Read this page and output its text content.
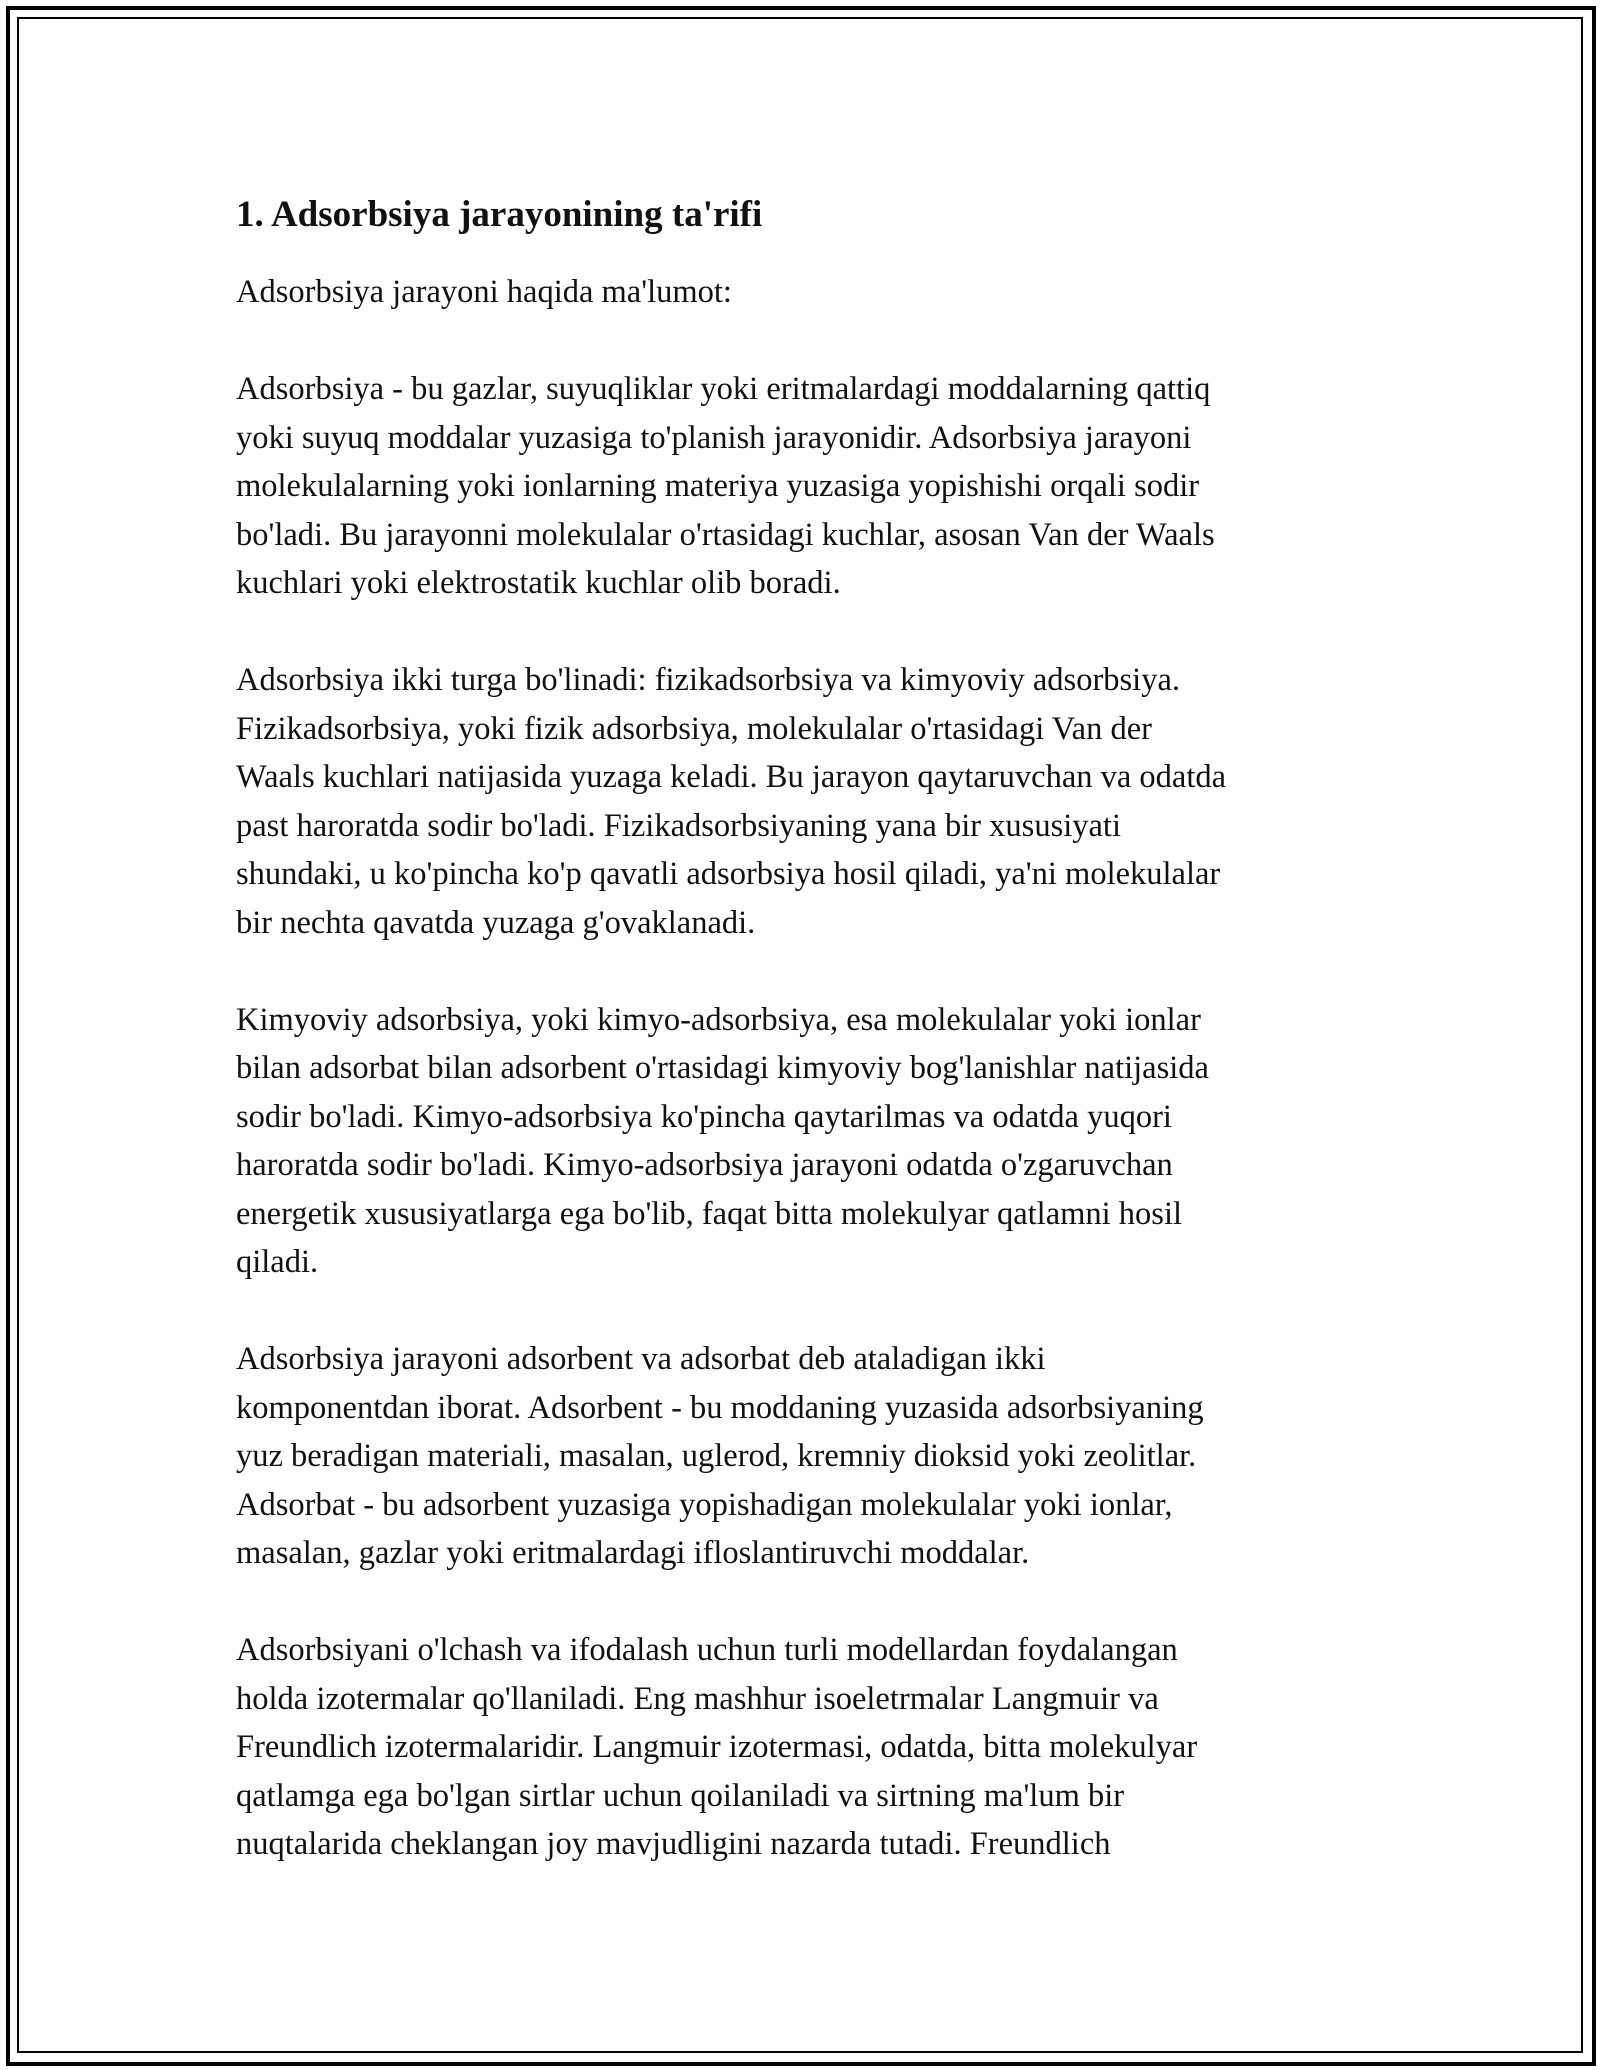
1. Adsorbsiya jarayonining ta'rifi

Adsorbsiya jarayoni haqida ma'lumot:

Adsorbsiya - bu gazlar, suyuqliklar yoki eritmalardagi moddalarning qattiq
yoki suyuq moddalar yuzasiga to'planish jarayonidir. Adsorbsiya jarayoni
molekulalarning yoki ionlarning materiya yuzasiga yopishishi orqali sodir
bo'ladi. Bu jarayonni molekulalar o'rtasidagi kuchlar, asosan Van der Waals
kuchlari yoki elektrostatik kuchlar olib boradi.

Adsorbsiya ikki turga bo'linadi: fizikadsorbsiya va kimyoviy adsorbsiya.
Fizikadsorbsiya, yoki fizik adsorbsiya, molekulalar o'rtasidagi Van der
Waals kuchlari natijasida yuzaga keladi. Bu jarayon qaytaruvchan va odatda
past haroratda sodir bo'ladi. Fizikadsorbsiyaning yana bir xususiyati
shundaki, u ko'pincha ko'p qavatli adsorbsiya hosil qiladi, ya'ni molekulalar
bir nechta qavatda yuzaga g'ovaklanadi.

Kimyoviy adsorbsiya, yoki kimyo-adsorbsiya, esa molekulalar yoki ionlar
bilan adsorbat bilan adsorbent o'rtasidagi kimyoviy bog'lanishlar natijasida
sodir bo'ladi. Kimyo-adsorbsiya ko'pincha qaytarilmas va odatda yuqori
haroratda sodir bo'ladi. Kimyo-adsorbsiya jarayoni odatda o'zgaruvchan
energetik xususiyatlarga ega bo'lib, faqat bitta molekulyar qatlamni hosil
qiladi.

Adsorbsiya jarayoni adsorbent va adsorbat deb ataladigan ikki
komponentdan iborat. Adsorbent - bu moddaning yuzasida adsorbsiyaning
yuz beradigan materiali, masalan, uglerod, kremniy dioksid yoki zeolitlar.
Adsorbat - bu adsorbent yuzasiga yopishadigan molekulalar yoki ionlar,
masalan, gazlar yoki eritmalardagi ifloslantiruvchi moddalar.

Adsorbsiyani o'lchash va ifodalash uchun turli modellardan foydalangan
holda izotermalar qo'llaniladi. Eng mashhur isoeletrmalar Langmuir va
Freundlich izotermalaridir. Langmuir izotermasi, odatda, bitta molekulyar
qatlamga ega bo'lgan sirtlar uchun qoilaniladi va sirtning ma'lum bir
nuqtalarida cheklangan joy mavjudligini nazarda tutadi. Freundlich
